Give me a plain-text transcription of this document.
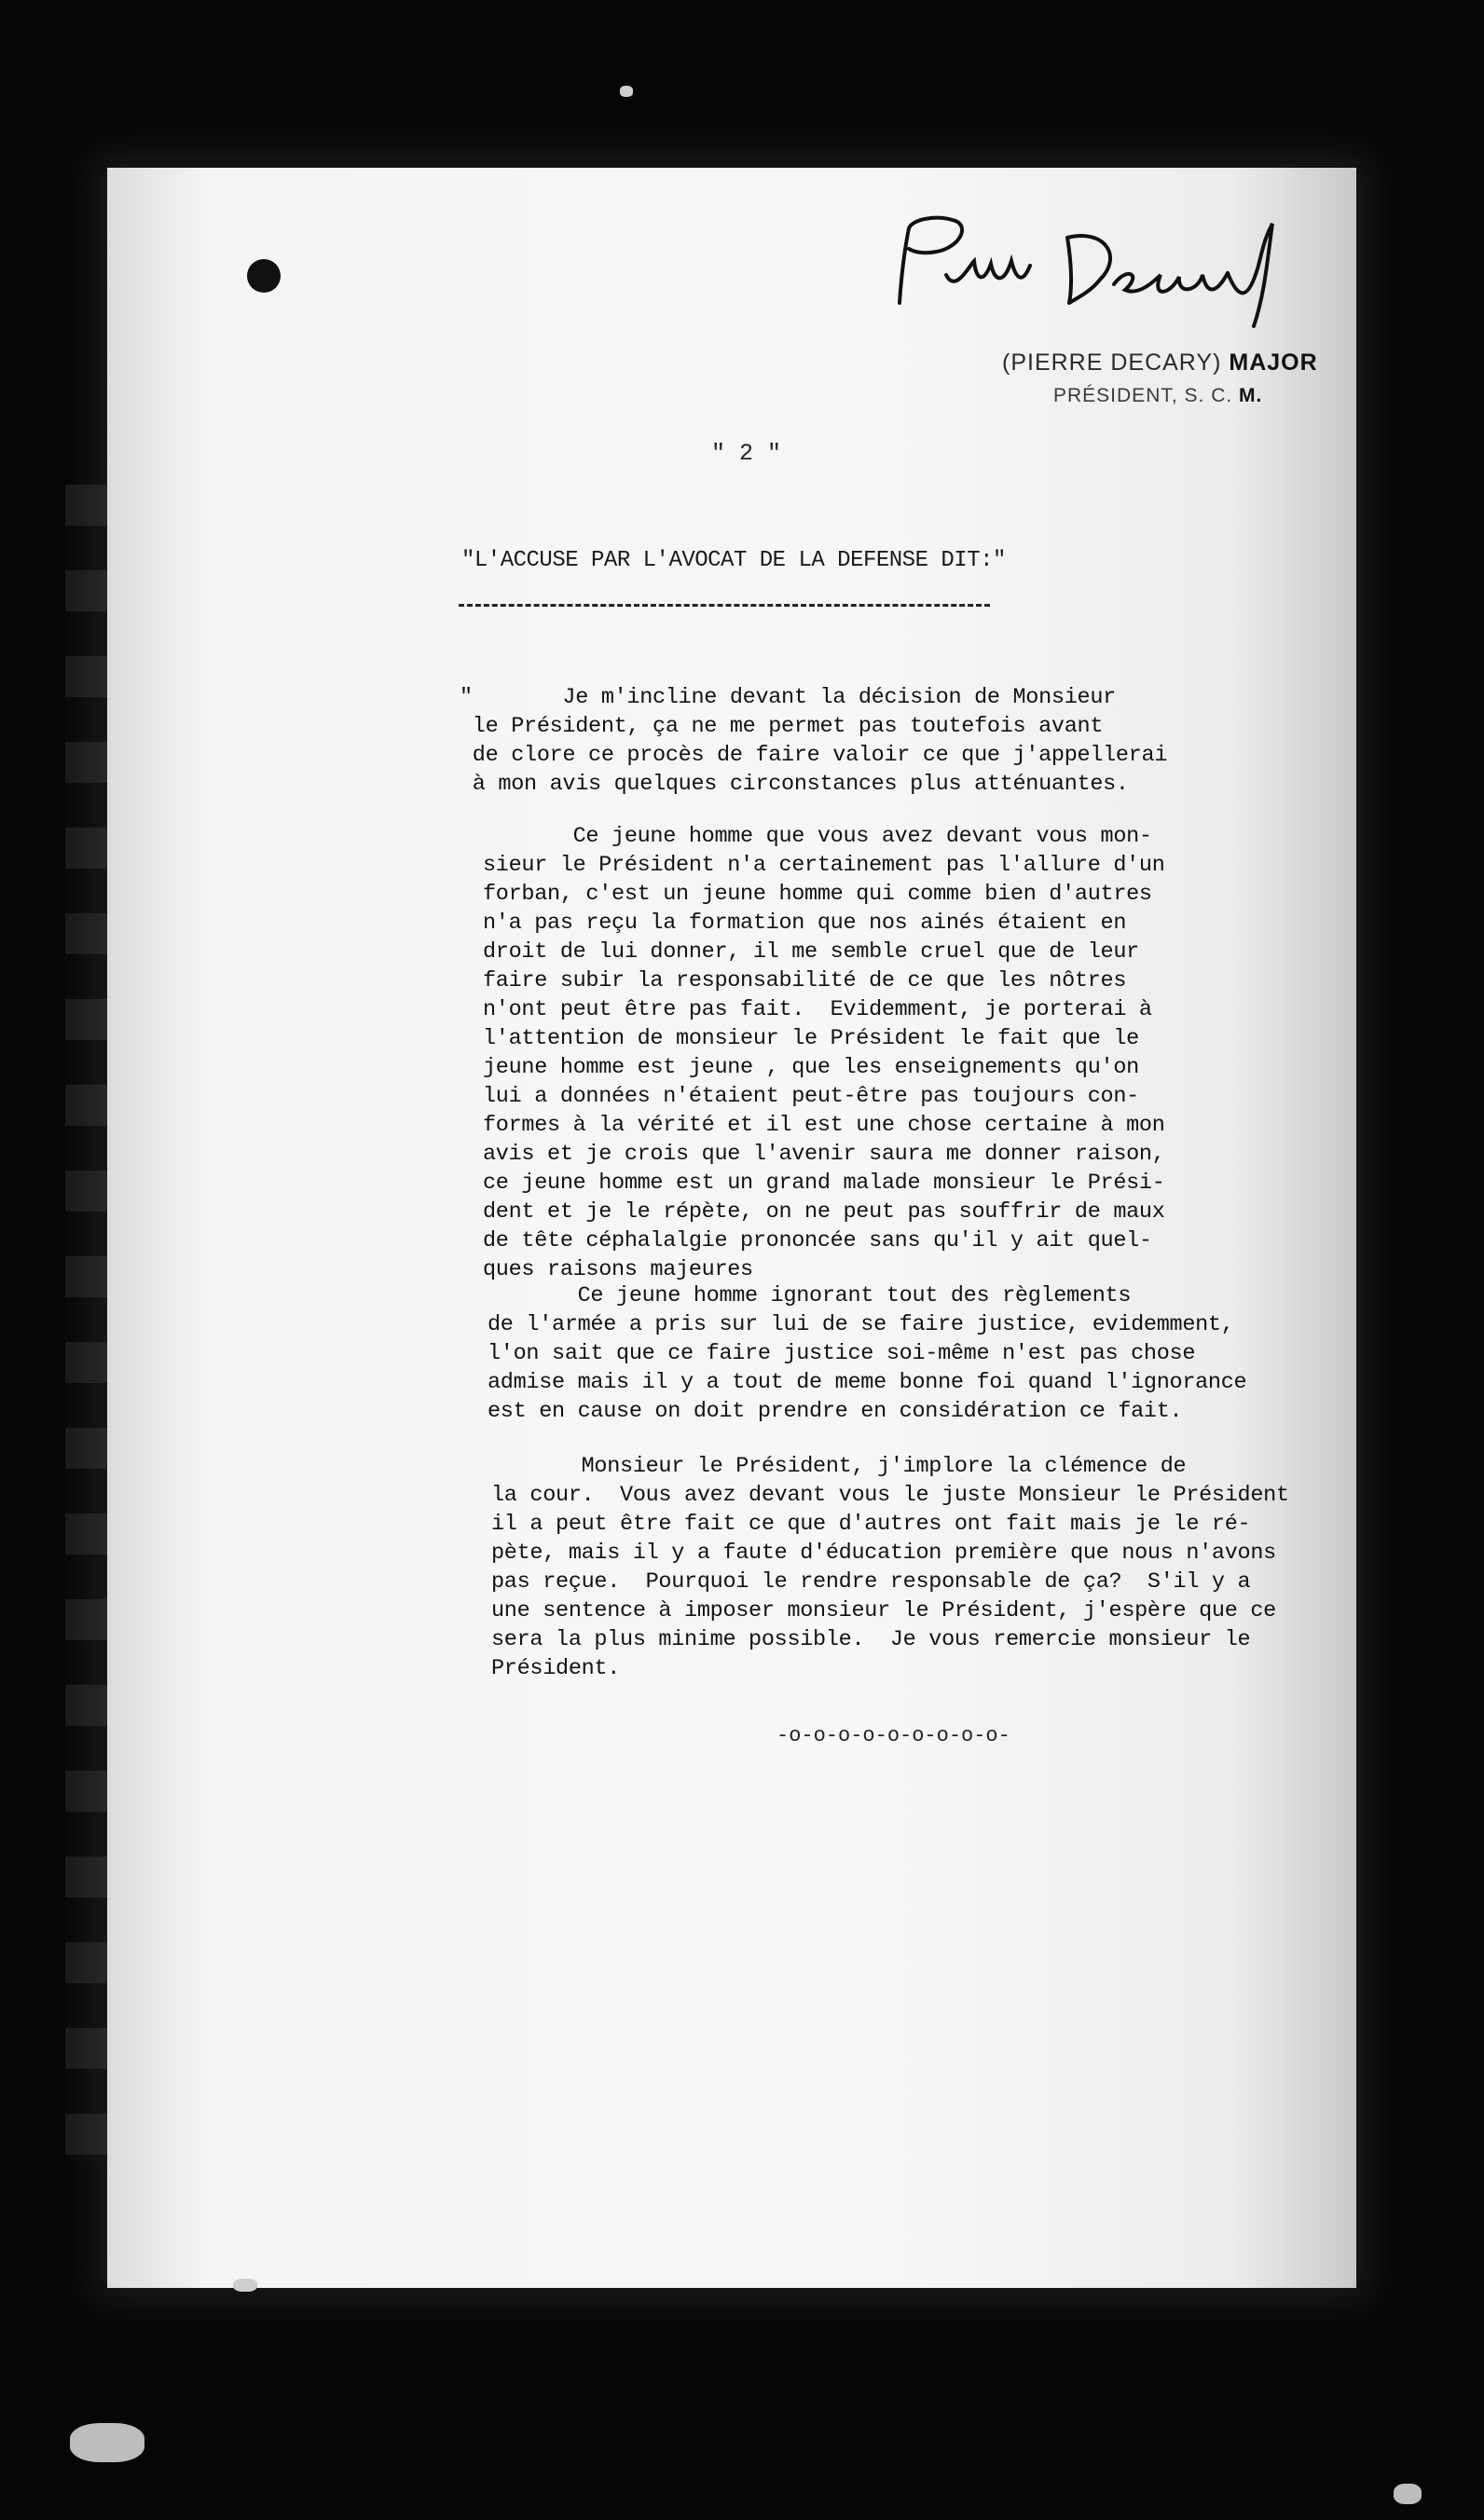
(PIERRE DECARY) MAJOR
PRÉSIDENT, S. C. M.
" 2 "
"L'ACCUSE PAR L'AVOCAT DE LA DEFENSE DIT:"
"       Je m'incline devant la décision de Monsieur
le Président, ça ne me permet pas toutefois avant
de clore ce procès de faire valoir ce que j'appellerai
à mon avis quelques circonstances plus atténuantes.
Ce jeune homme que vous avez devant vous mon-
sieur le Président n'a certainement pas l'allure d'un
forban, c'est un jeune homme qui comme bien d'autres
n'a pas reçu la formation que nos ainés étaient en
droit de lui donner, il me semble cruel que de leur
faire subir la responsabilité de ce que les nôtres
n'ont peut être pas fait.  Evidemment, je porterai à
l'attention de monsieur le Président le fait que le
jeune homme est jeune , que les enseignements qu'on
lui a données n'étaient peut-être pas toujours con-
formes à la vérité et il est une chose certaine à mon
avis et je crois que l'avenir saura me donner raison,
ce jeune homme est un grand malade monsieur le Prési-
dent et je le répète, on ne peut pas souffrir de maux
de tête céphalalgie prononcée sans qu'il y ait quel-
ques raisons majeures
Ce jeune homme ignorant tout des règlements
de l'armée a pris sur lui de se faire justice, evidemment,
l'on sait que ce faire justice soi-même n'est pas chose
admise mais il y a tout de meme bonne foi quand l'ignorance
est en cause on doit prendre en considération ce fait.
Monsieur le Président, j'implore la clémence de
la cour.  Vous avez devant vous le juste Monsieur le Président
il a peut être fait ce que d'autres ont fait mais je le ré-
pète, mais il y a faute d'éducation première que nous n'avons
pas reçue.  Pourquoi le rendre responsable de ça?  S'il y a
une sentence à imposer monsieur le Président, j'espère que ce
sera la plus minime possible.  Je vous remercie monsieur le
Président.
-o-o-o-o-o-o-o-o-o-
